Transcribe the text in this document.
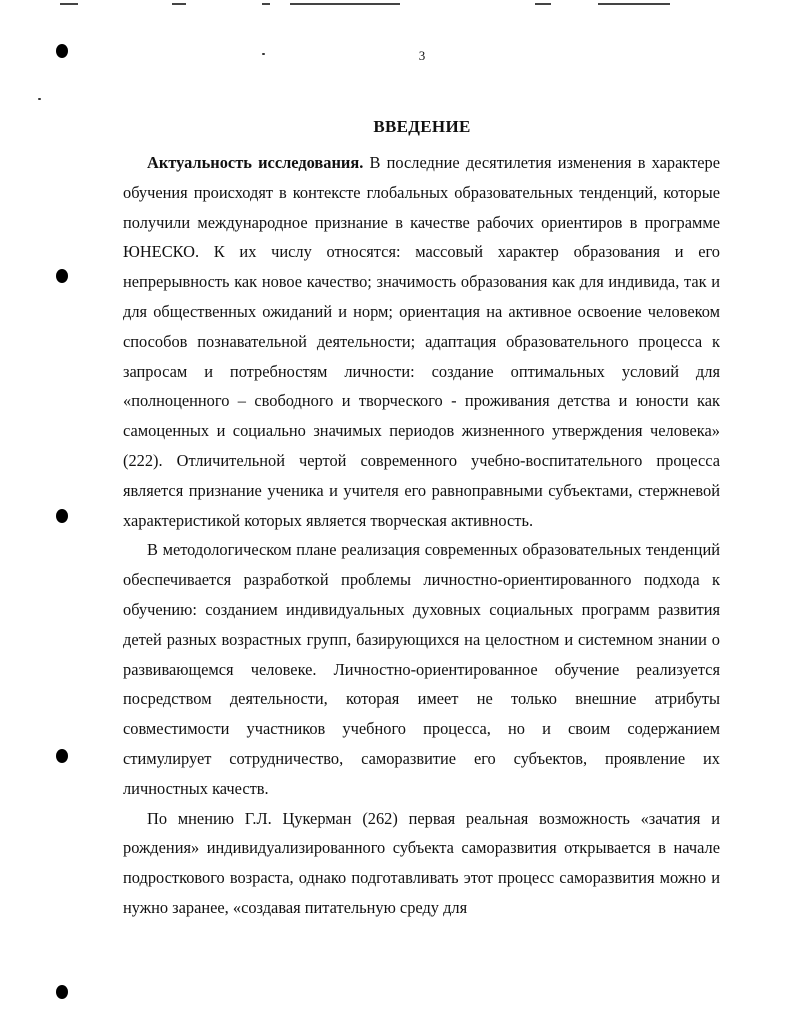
3
ВВЕДЕНИЕ

Актуальность исследования. В последние десятилетия изменения в характере обучения происходят в контексте глобальных образовательных тенденций, которые получили международное признание в качестве рабочих ориентиров в программе ЮНЕСКО. К их числу относятся: массовый характер образования и его непрерывность как новое качество; значимость образования как для индивида, так и для общественных ожиданий и норм; ориентация на активное освоение человеком способов познавательной деятельности; адаптация образовательного процесса к запросам и потребностям личности: создание оптимальных условий для «полноценного – свободного и творческого - проживания детства и юности как самоценных и социально значимых периодов жизненного утверждения человека» (222). Отличительной чертой современного учебно-воспитательного процесса является признание ученика и учителя его равноправными субъектами, стержневой характеристикой которых является творческая активность.

В методологическом плане реализация современных образовательных тенденций обеспечивается разработкой проблемы личностно-ориентированного подхода к обучению: созданием индивидуальных духовных социальных программ развития детей разных возрастных групп, базирующихся на целостном и системном знании о развивающемся человеке. Личностно-ориентированное обучение реализуется посредством деятельности, которая имеет не только внешние атрибуты совместимости участников учебного процесса, но и своим содержанием стимулирует сотрудничество, саморазвитие его субъектов, проявление их личностных качеств.

По мнению Г.Л. Цукерман (262) первая реальная возможность «зачатия и рождения» индивидуализированного субъекта саморазвития открывается в начале подросткового возраста, однако подготавливать этот процесс саморазвития можно и нужно заранее, «создавая питательную среду для
